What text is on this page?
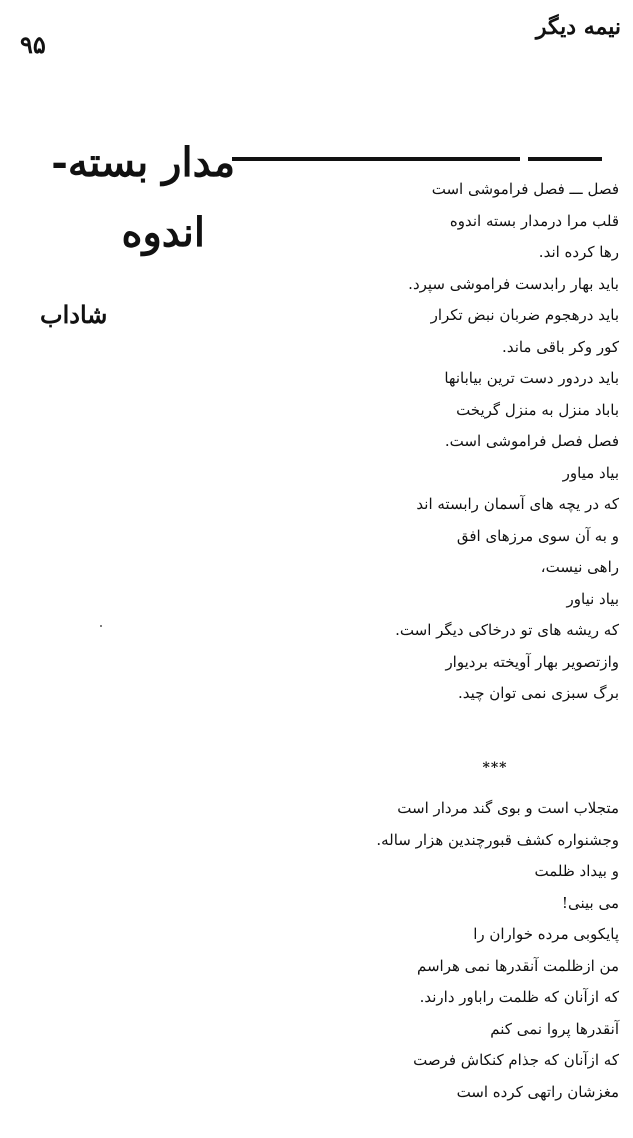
نیمه دیگر
۹۵
مدار بسته-
اندوه
شاداب
فصل ـــ فصل فراموشی است
قلب مرا درمدار بسته اندوه
رها کرده اند.
باید بهار رابدست فراموشی سپرد.
باید درهجوم ضربان نبض تکرار
کور وکر باقی ماند.
باید دردور دست ترین بیابانها
باباد منزل به منزل گریخت
فصل فصل فراموشی است.
بیاد میاور
که در یچه های آسمان رابسته اند
و به آن سوی مرزهای افق
راهی نیست،
بیاد نیاور
که ریشه های تو درخاکی دیگر است.
وازتصویر بهار آویخته بردیوار
برگ سبزی نمی توان چید.
***
متجلاب است و بوی گند مردار است
وجشنواره کشف قبورچندین هزار ساله.
و بیداد ظلمت
می بینی!
پایکوبی مرده خواران را
من ازظلمت آنقدرها نمی هراسم
که ازآنان که ظلمت راباور دارند.
آنقدرها پروا نمی کنم
که ازآنان که جذام کنکاش فرصت
مغزشان راتهی کرده است
